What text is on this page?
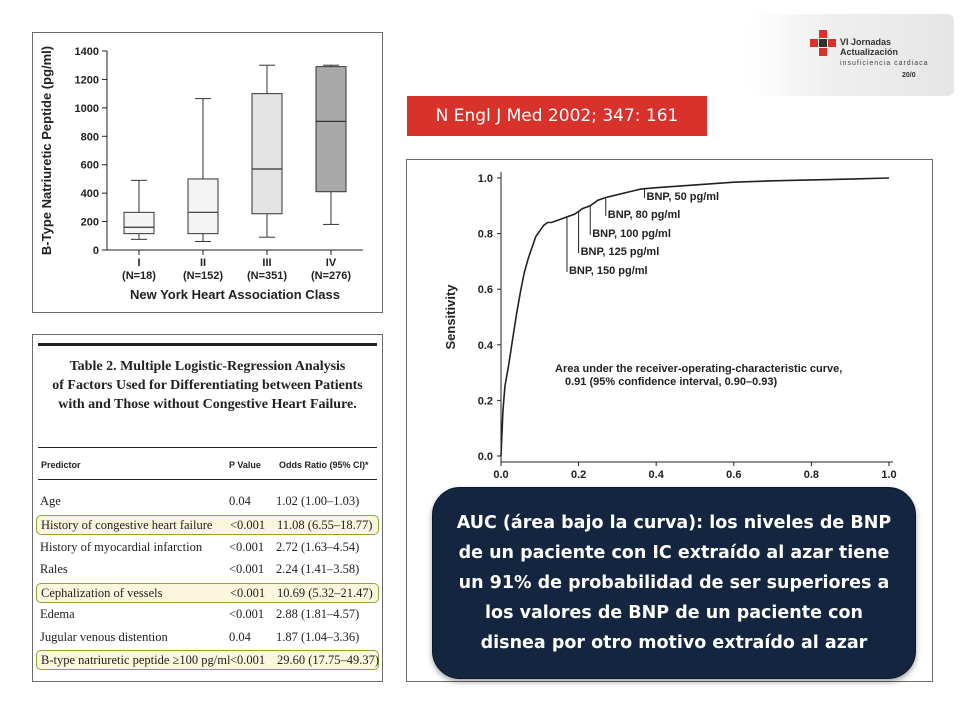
0
200
400
600
800
1000
1200
1400
I
(N=18)
II
(N=152)
III
(N=351)
IV
(N=276)
New York Heart Association Class
B-Type Natriuretic Peptide (pg/ml)
Table 2. Multiple Logistic-Regression Analysis
of Factors Used for Differentiating between Patients
with and Those without Congestive Heart Failure.
Predictor	P Value Odds Ratio (95% CI)*
Age	0.04 1.02 (1.00–1.03)
History of congestive heart failure <0.001 11.08 (6.55–18.77)
History of myocardial infarction <0.001 2.72 (1.63–4.54)
Rales	<0.001 2.24 (1.41–3.58)
Cephalization of vessels	<0.001 10.69 (5.32–21.47)
Edema	<0.001 2.88 (1.81–4.57)
Jugular venous distention	0.04 1.87 (1.04–3.36)
B-type natriuretic peptide ≥100 pg/ml <0.001 29.60 (17.75–49.37)
N Engl J Med 2002; 347: 161
VI Jornadas
Actualización
insuficiencia cardiaca
20/0
0.0
0.2
0.4
0.6
0.8
1.0
0.0	0.2	0.4	0.6	0.8	1.0
Sensitivity
BNP, 50 pg/ml
BNP, 80 pg/ml
BNP, 100 pg/ml
BNP, 125 pg/ml
BNP, 150 pg/ml
Area under the receiver-operating-characteristic curve,
0.91 (95% confidence interval, 0.90–0.93)
AUC (área bajo la curva): los niveles de BNP de un paciente con IC extraído al azar tiene un 91% de probabilidad de ser superiores a los valores de BNP de un paciente con disnea por otro motivo extraído al azar
